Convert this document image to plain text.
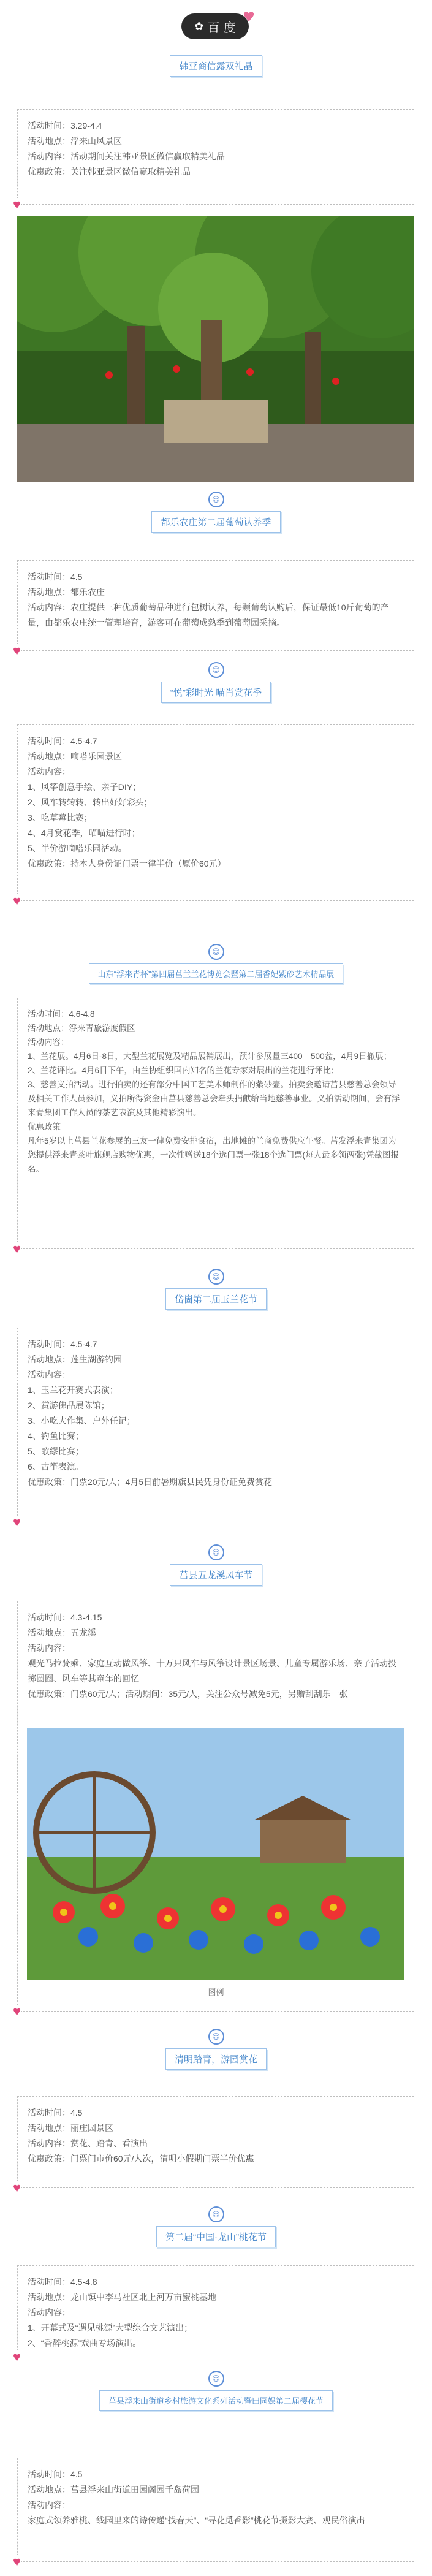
✿ 百 度
♥
韩亚商信露双礼晶

活动时间：3.29-4.4

活动地点：浮来山风景区

活动内容：活动期间关注韩亚景区微信赢取精美礼品

优惠政策：关注韩亚景区微信赢取精美礼品

♥
☺
都乐农庄第二届葡萄认养季

活动时间：4.5

活动地点：都乐农庄

活动内容：农庄提供三种优质葡萄品种进行包树认养，每颗葡萄认购后，保证最低10斤葡萄的产量，由都乐农庄统一管理培育，游客可在葡萄成熟季到葡萄园采摘。

♥
☺
“悦”彩时光 喵肖赏花季

活动时间：4.5-4.7

活动地点：嘀嗒乐园景区

活动内容：

1、风筝创意手绘、亲子DIY；

2、风车转转转、转出好好彩头；

3、吃草莓比赛；

4、4月赏花季，喵喵进行时；

5、半价游嘀嗒乐园活动。

优惠政策：持本人身份证门票一律半价（原价60元）

♥
☺
山东“浮来青杯”第四届莒兰兰花博览会暨第二届香妃紫砂艺术精品展

活动时间：4.6-4.8

活动地点：浮来青旅游度假区

活动内容：

1、兰花展。4月6日-8日，大型兰花展览及精品展销展出，预计参展量三400—500盆，4月9日撤展；

2、兰花评比。4月6日下午，由兰协组织国内知名的兰花专家对展出的兰花进行评比；

3、慈善义拍活动。进行拍卖的还有部分中国工艺美术师制作的紫砂壶。拍卖会邀请莒县慈善总会领导及相关工作人员参加，义拍所得资金由莒县慈善总会牵头捐献给当地慈善事业。义拍活动期间，会有浮来青集团工作人员的茶艺表演及其他精彩演出。

优惠政策

凡年5岁以上莒县兰花参展的三友一律免费安排食宿，出地摊的兰商免费供应午餐。莒发浮来青集团为您提供浮来青茶叶旗舰店购物优惠，一次性赠送18个选门票一张18个选门票(每人最多领两张)凭截图报名。

♥
☺
岱崮第二届玉兰花节

活动时间：4.5-4.7

活动地点：莲生湖游钓园

活动内容：

1、玉兰花开赛式表演；

2、赏游佛品展陈馆；

3、小吃大作集、户外任记；

4、钓鱼比赛；

5、歌繆比赛；

6、古筝表演。

优惠政策：门票20元/人；4月5日前暑期旗县民凭身份证免费赏花

♥
☺
莒县五龙溪风车节

活动时间：4.3-4.15

活动地点：五龙溪

活动内容：

观光马拉骑乘、家庭互动做风筝、十万只风车与风筝设计景区场景、儿童专属游乐场、亲子活动投掷圆圈、风车等其童年的回忆

优惠政策：门票60元/人；活动期间：35元/人，关注公众号减免5元，另赠刮刮乐一张

♥
图例
☺
清明踏青，游园赏花

活动时间：4.5

活动地点：丽庄园景区

活动内容：赏花、踏青、看演出

优惠政策：门票门市价60元/人次，清明小假期门票半价优惠

♥
☺
第二届“中国·龙山”桃花节

活动时间：4.5-4.8

活动地点：龙山镇中李马社区北上河万亩蜜桃基地

活动内容：

1、开幕式及“遇见桃源”大型综合文艺演出；

2、“香醉桃源”戏曲专场演出。

♥
☺
莒县浮来山街道乡村旅游文化系列活动暨田园娱第二届樱花节

活动时间：4.5

活动地点：莒县浮来山街道田园阁园千岛荷园

活动内容：

家庭式领养雅桃、线园里来的诗传递“找春天”、“寻花觅香影”桃花节摄影大赛、观民俗演出

♥
